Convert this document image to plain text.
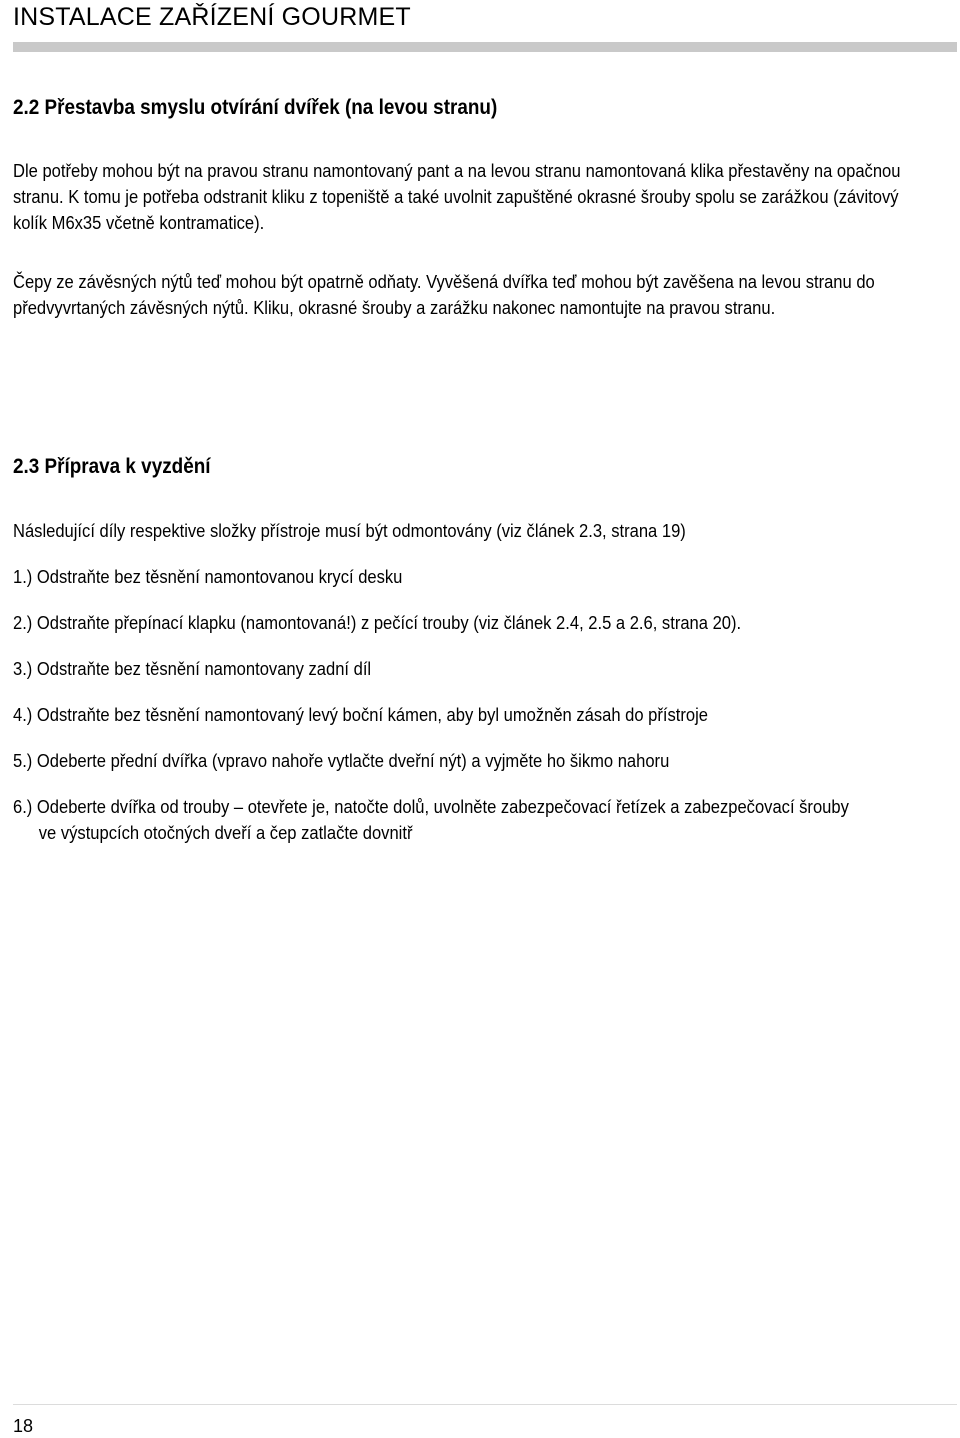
INSTALACE ZAŘÍZENÍ GOURMET
2.2 Přestavba smyslu otvírání dvířek (na levou stranu)
Dle potřeby mohou být na pravou stranu namontovaný pant a na levou stranu namontovaná klika přestavěny na opačnou
stranu. K tomu je potřeba odstranit kliku z topeniště a také uvolnit zapuštěné okrasné šrouby spolu se zarážkou (závitový
kolík M6x35 včetně kontramatice).
Čepy ze závěsných nýtů teď mohou být opatrně odňaty. Vyvěšená dvířka teď mohou být zavěšena na levou stranu do
předvyvrtaných závěsných nýtů. Kliku, okrasné šrouby a zarážku nakonec namontujte na pravou stranu.
2.3 Příprava k vyzdění
Následující díly respektive složky přístroje musí být odmontovány (viz článek 2.3, strana 19)
1.) Odstraňte bez těsnění namontovanou krycí desku
2.) Odstraňte přepínací klapku (namontovaná!) z pečící trouby (viz článek 2.4, 2.5 a 2.6, strana 20).
3.) Odstraňte bez těsnění namontovany zadní díl
4.) Odstraňte bez těsnění namontovaný levý boční kámen, aby byl umožněn zásah do přístroje
5.) Odeberte přední dvířka (vpravo nahoře vytlačte dveřní nýt) a vyjměte ho šikmo nahoru
6.) Odeberte dvířka od trouby – otevřete je, natočte dolů, uvolněte zabezpečovací řetízek a zabezpečovací šrouby
ve výstupcích otočných dveří a čep zatlačte dovnitř
18
